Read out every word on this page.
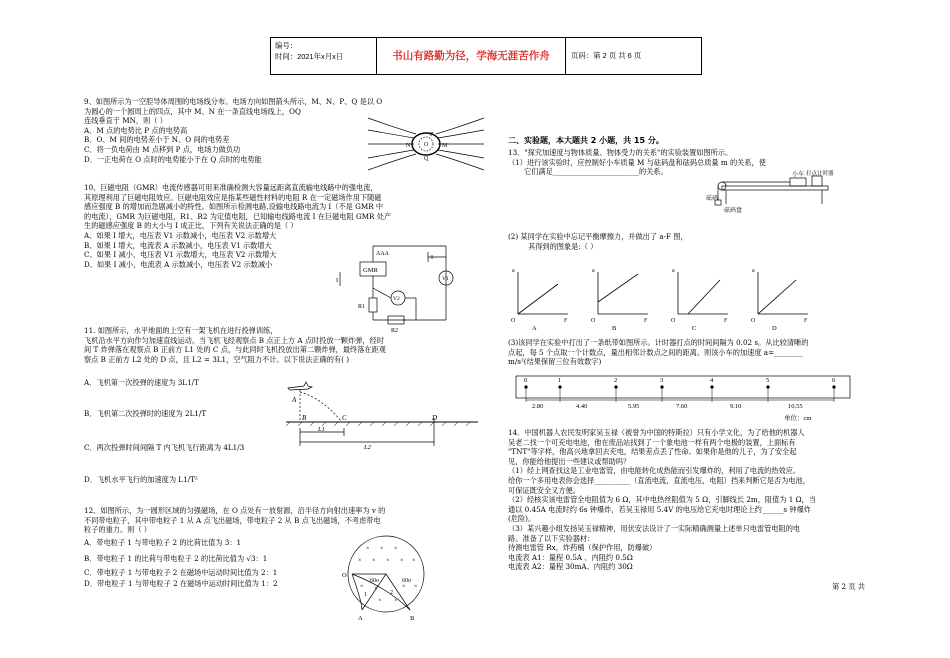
编号：
时间：2021年x月x日	书山有路勤为径，学海无涯苦作舟	页码：第 2 页 共 6 页

9、如图所示为一空腔导体周围的电场线分布。电场方向如图箭头所示，M、N、P、Q 是以 O

为圆心的一个圆周上的四点，其中 M、N 在一条直线电场线上，OQ

连线垂直于 MN，则（ ）

A．M 点的电势比 P 点的电势高

B．O、M 间的电势差小于 N、O 间的电势差

C．将一负电荷由 M 点移到 P 点，电场力做负功

D．一正电荷在 O 点时的电势能小于在 Q 点时的电势能

N O M
P
Q

10、巨磁电阻（GMR）电流传感器可用来准确检测大容量远距离直流输电线路中的强电流，

其原理利用了巨磁电阻效应。巨磁电阻效应是指某些磁性材料的电阻 R 在一定磁场作用下随磁

感应强度 B 的增加而急剧减小的特性。如图所示检测电路,设输电线路电流为 I（不是 GMR 中

的电流），GMR 为巨磁电阻，R1、R2 为定值电阻，已知输电线路电流 I 在巨磁电阻 GMR 处产

生的磁感应强度 B 的大小与 I 成正比，下列有关说法正确的是（ ）

A、如果 I 增大，电压表 V1 示数减小，电压表 V2 示数增大

B、如果 I 增大，电流表 A 示数减小，电压表 V1 示数增大

C、如果 I 减小，电压表 V1 示数增大，电压表 V2 示数增大

D、如果 I 减小，电流表 A 示数减小，电压表 V2 示数减小

AAA
GMR
I	V1
V2
R1
R2

11. 如图所示，水平地面的上空有一架飞机在进行投弹训练，

飞机沿水平方向作匀加速直线运动。当飞机飞经观察点 B 点正上方 A 点时投放一颗炸弹，经时

间 T 炸弹落在观察点 B 正前方 L1 处的 C 点，与此同时飞机投放出第二颗炸弹，最终落在距观

察点 B 正前方 L2 处的 D 点，且 L2 = 3L1，空气阻力不计。以下说法正确的有( )

A．飞机第一次投弹的速度为 3L1/T
B．飞机第二次投弹时的速度为 2L1/T
C．两次投弹时间间隔 T 内飞机飞行距离为 4L1/3
D．飞机水平飞行的加速度为 L1/T²
A
B	C	D
L1
L2

12、如图所示，为一圆形区域的匀强磁场，在 O 点处有一放射源，沿半径方向射出速率为 v 的

不同带电粒子，其中带电粒子 1 从 A 点飞出磁场，带电粒子 2 从 B 点飞出磁场，不考虑带电

粒子的重力。则（ ）

A．带电粒子 1 与带电粒子 2 的比荷比值为 3：1
B．带电粒子 1 的比荷与带电粒子 2 的比荷比值为 √3：1
C．带电粒子 1 与带电粒子 2 在磁场中运动时间比值为 2：1
D．带电粒子 1 与带电粒子 2 在磁场中运动时间比值为 1：2
× × ×
× × × × ×
× ×	× ×
× ×
O
1	2
60o	60o
A	B
二、实验题，本大题共 2 小题，共 15 分。

13．"探究加速度与物体质量、物体受力的关系"的实验装置如图所示。

（1）进行该实验时，应控制好小车质量 M 与砝码盘和砝码总质量 m 的关系，使

它们满足________________________的关系。	小车 打点计时器
砝码
砝码盘

(2) 某同学在实验中忘记平衡摩擦力，并做出了 a-F 图，

其得到的图象是:（ ）

a	a	a	a
F	F	F	F
O	O	O	O
A	B	C	D

(3)该同学在实验中打出了一条纸带如图所示。计时器打点的时间间隔为 0.02 s。从比较清晰的

点起，每 5 个点取一个计数点，量出相邻计数点之间的距离。则该小车的加速度 a=________

m/s²(结果保留三位有效数字)

0	1	2	3	4	5	6
2.80	4.40	5.95	7.60	9.10	10.55
单位：cm

14．中国机器人农民发明家吴玉禄（被誉为中国的特斯拉）只有小学文化，为了给他的机器人

吴老二找一个可充电电池，他在废品站找到了一个象电池一样有两个电极的装置，上面标有

"TNT"等字样，他高兴地拿回去充电，结果差点丢了性命。如果你是他的儿子，为了安全起

见，你能给他提出一些建议或帮助吗？

（1）经上网查找这是工业电雷管，由电能转化成热能而引发爆炸的，利用了电流的热效应。

给你一个多用电表你会选择__________（直流电流，直流电压，电阻）挡来判断它是否为电池，

可保证既安全又方便。

（2）经核实该电雷管全电阻值为 6 Ω，其中电热丝阻值为 5 Ω，引脚线长 2m，阻值为 1 Ω，当

通以 0.45A 电流时约 6s 钟爆炸，若吴玉禄用 5.4V 的电压给它充电时理论上约______s 钟爆炸

(危险)。

（3）某兴趣小组发扬吴玉禄精神，用伏安法设计了一实际精确测量上述单只电雷管电阻的电

路。准备了以下实验器材：

待测电雷管 Rx，炸药桶（保护作用，防爆破）

电流表 A1：量程 0.5A 、内阻约 0.5Ω

电流表 A2：量程 30mA、内阻约 30Ω

第 2 页 共
